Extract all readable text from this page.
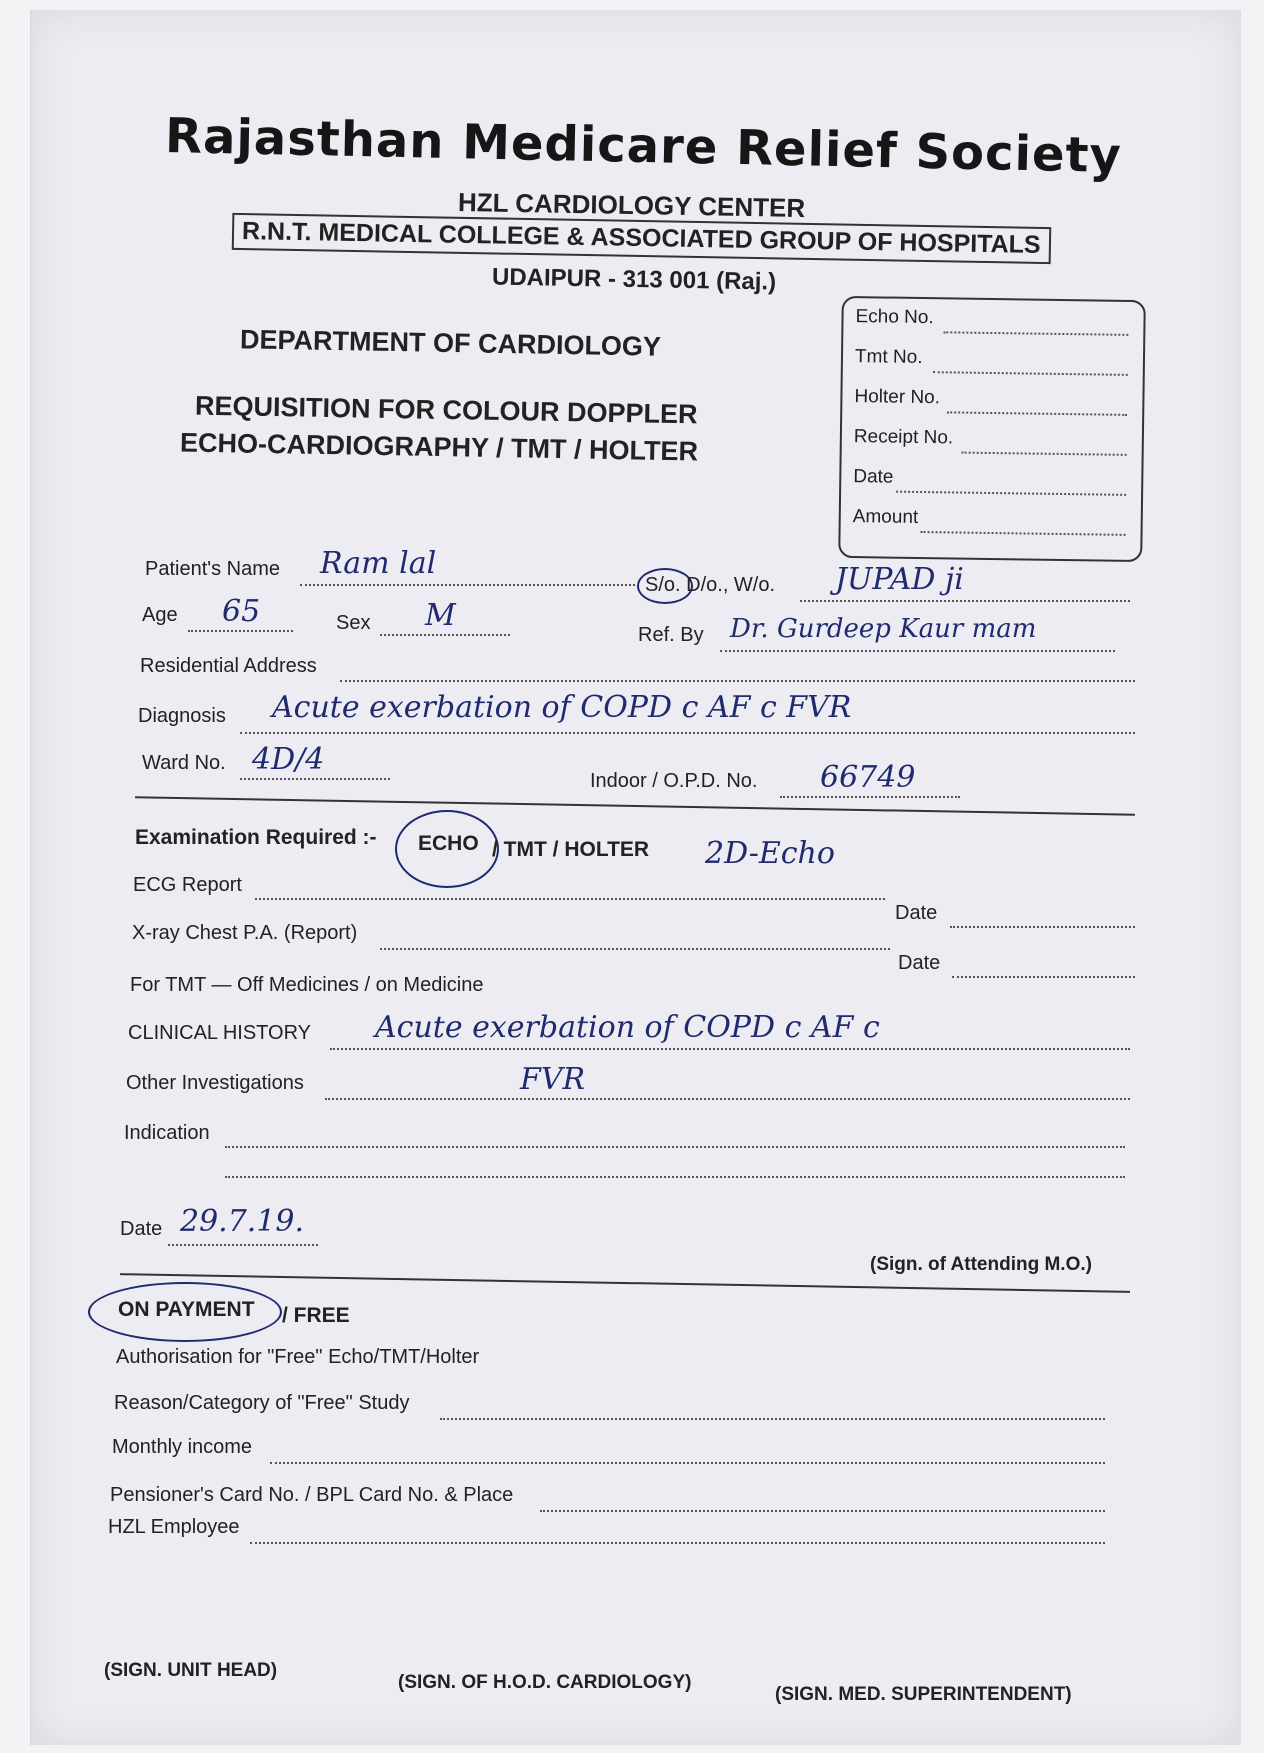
Rajasthan Medicare Relief Society
HZL CARDIOLOGY CENTER
R.N.T. MEDICAL COLLEGE & ASSOCIATED GROUP OF HOSPITALS
UDAIPUR - 313 001 (Raj.)
DEPARTMENT OF CARDIOLOGY
REQUISITION FOR COLOUR DOPPLER
ECHO-CARDIOGRAPHY / TMT / HOLTER
Echo No.
Tmt No.
Holter No.
Receipt No.
Date
Amount
Patient's Name Ram lal
S/o. D/o., W/o. JUPAD ji
Age 65	Sex M
Ref. By Dr. Gurdeep Kaur mam
Residential Address
Diagnosis Acute exerbation of COPD c AF c FVR
Ward No. 4D/4
Indoor / O.P.D. No. 66749
Examination Required :- ECHO / TMT / HOLTER 2D-Echo
ECG Report
Date
X-ray Chest P.A. (Report)
Date
For TMT — Off Medicines / on Medicine
CLINICAL HISTORY Acute exerbation of COPD c AF c
Other Investigations	FVR
Indication
Date 29.7.19.
(Sign. of Attending M.O.)
ON PAYMENT / FREE
Authorisation for "Free" Echo/TMT/Holter
Reason/Category of "Free" Study
Monthly income
Pensioner's Card No. / BPL Card No. & Place
HZL Employee
(SIGN. UNIT HEAD)
(SIGN. OF H.O.D. CARDIOLOGY)
(SIGN. MED. SUPERINTENDENT)
